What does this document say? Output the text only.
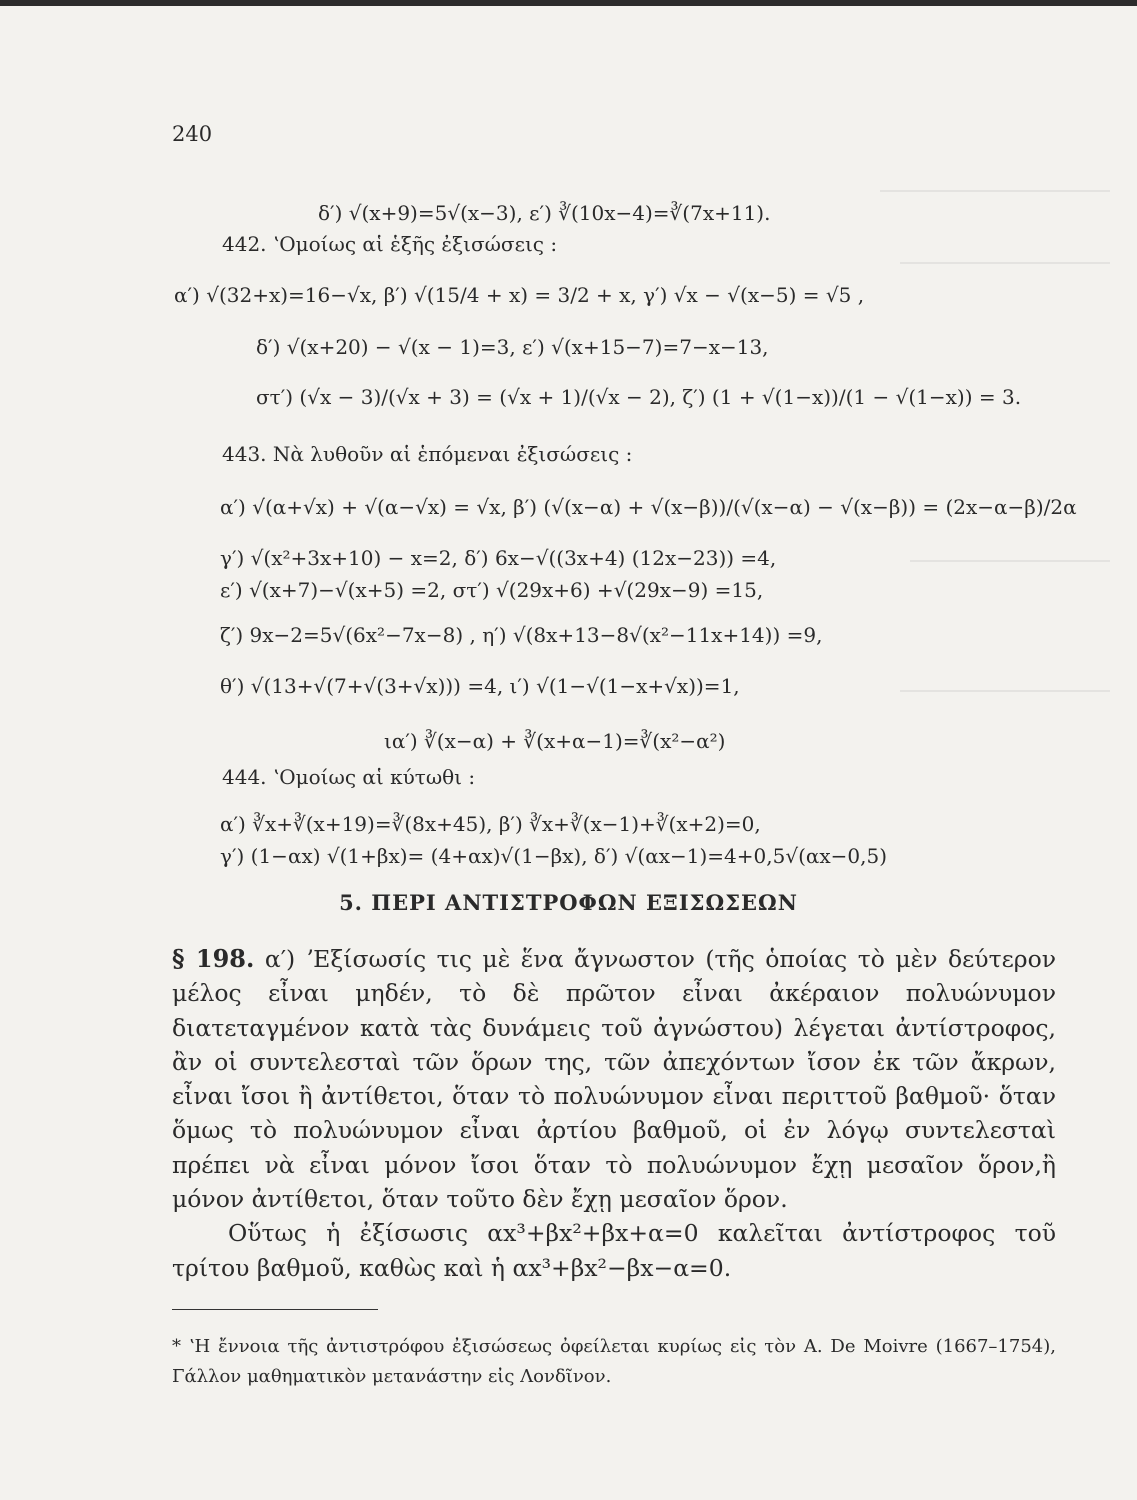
240
δ′) √(x+9)=5√(x−3), ε′) ∛(10x−4)=∛(7x+11).
442. ʽΟμοίως αἱ ἑξῆς ἐξισώσεις :
α′) √(32+x)=16−√x, β′) √(15/4 + x) = 3/2 + x, γ′) √x − √(x−5) = √5 ,
δ′) √(x+20) − √(x − 1)=3, ε′) √(x+15−7)=7−x−13,
στ′) (√x − 3)/(√x + 3) = (√x + 1)/(√x − 2), ζ′) (1 + √(1−x))/(1 − √(1−x)) = 3.
443. Νὰ λυθοῦν αἱ ἑπόμεναι ἐξισώσεις :
α′) √(α+√x) + √(α−√x) = √x, β′) (√(x−α) + √(x−β))/(√(x−α) − √(x−β)) = (2x−α−β)/2α
γ′) √(x²+3x+10) − x=2, δ′) 6x−√((3x+4) (12x−23)) =4,
ε′) √(x+7)−√(x+5) =2, στ′) √(29x+6) +√(29x−9) =15,
ζ′) 9x−2=5√(6x²−7x−8) , η′) √(8x+13−8√(x²−11x+14)) =9,
θ′) √(13+√(7+√(3+√x))) =4, ι′) √(1−√(1−x+√x))=1,
ια′) ∛(x−α) + ∛(x+α−1)=∛(x²−α²)
444. ʽΟμοίως αἱ κύτωθι :
α′) ∛x+∛(x+19)=∛(8x+45), β′) ∛x+∛(x−1)+∛(x+2)=0,
γ′) (1−αx) √(1+βx)= (4+αx)√(1−βx), δ′) √(αx−1)=4+0,5√(αx−0,5)
5. ΠΕΡΙ ΑΝΤΙΣΤΡΟΦΩΝ ΕΞΙΣΩΣΕΩΝ

§ 198. α′) ʼΕξίσωσίς τις μὲ ἕνα ἄγνωστον (τῆς ὁποίας τὸ μὲν δεύτερον μέλος εἶναι μηδέν, τὸ δὲ πρῶτον εἶναι ἀκέραιον πολυώνυμον διατεταγμένον κατὰ τὰς δυνάμεις τοῦ ἀγνώστου) λέγεται ἀντίστροφος, ἂν οἱ συντελεσταὶ τῶν ὅρων της, τῶν ἀπεχόντων ἴσον ἐκ τῶν ἄκρων, εἶναι ἴσοι ἢ ἀντίθετοι, ὅταν τὸ πολυώνυμον εἶναι περιττοῦ βαθμοῦ· ὅταν ὅμως τὸ πολυώνυμον εἶναι ἀρτίου βαθμοῦ, οἱ ἐν λόγῳ συντελεσταὶ πρέπει νὰ εἶναι μόνον ἴσοι ὅταν τὸ πολυώνυμον ἔχῃ μεσαῖον ὅρον,ἢ μόνον ἀντίθετοι, ὅταν τοῦτο δὲν ἔχῃ μεσαῖον ὅρον.

Οὕτως ἡ ἐξίσωσις αx³+βx²+βx+α=0 καλεῖται ἀντίστροφος τοῦ τρίτου βαθμοῦ, καθὼς καὶ ἡ αx³+βx²−βx−α=0.

* ʽΗ ἔννοια τῆς ἀντιστρόφου ἐξισώσεως ὀφείλεται κυρίως εἰς τὸν A. De Moivre (1667–1754), Γάλλον μαθηματικὸν μετανάστην εἰς Λονδῖνον.
